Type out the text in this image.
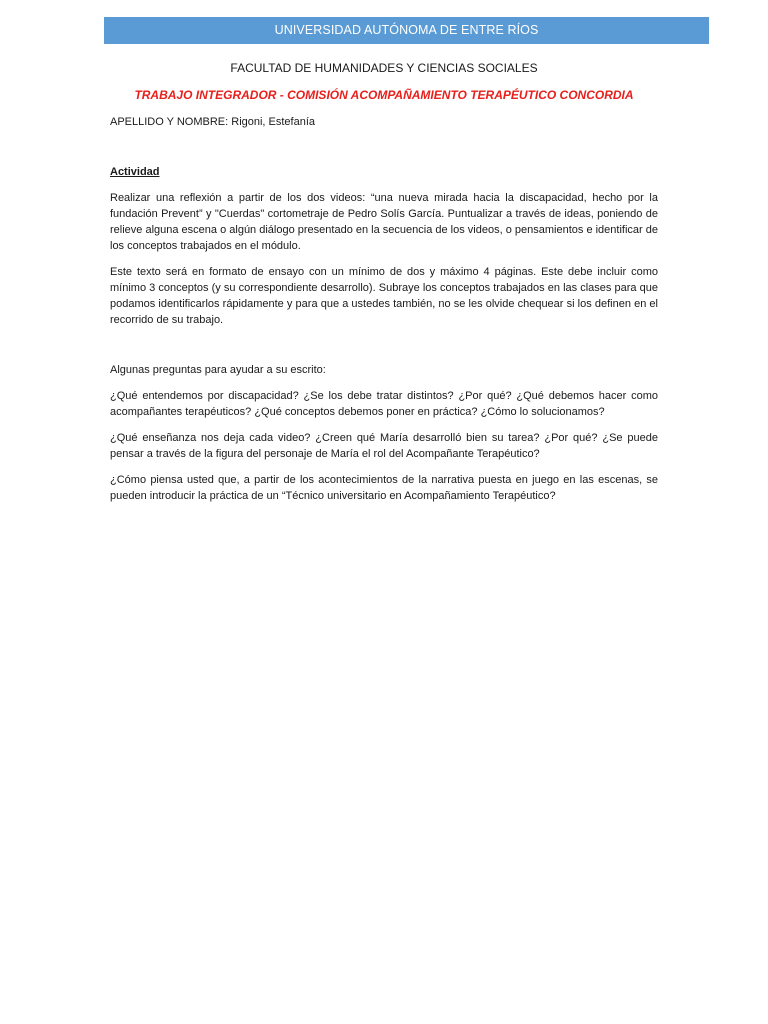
UNIVERSIDAD AUTÓNOMA DE ENTRE RÍOS
FACULTAD DE HUMANIDADES Y CIENCIAS SOCIALES
TRABAJO INTEGRADOR - COMISIÓN ACOMPAÑAMIENTO TERAPÉUTICO CONCORDIA

APELLIDO Y NOMBRE: Rigoni, Estefanía

Actividad

Realizar una reflexión a partir de los dos videos: “una nueva mirada hacia la discapacidad, hecho por la fundación Prevent” y "Cuerdas" cortometraje de Pedro Solís García. Puntualizar a través de ideas, poniendo de relieve alguna escena o algún diálogo presentado en la secuencia de los videos, o pensamientos e identificar de los conceptos trabajados en el módulo.

Este texto será en formato de ensayo con un mínimo de dos y máximo 4 páginas. Este debe incluir como mínimo 3 conceptos (y su correspondiente desarrollo). Subraye los conceptos trabajados en las clases para que podamos identificarlos rápidamente y para que a ustedes también, no se les olvide chequear si los definen en el recorrido de su trabajo.

Algunas preguntas para ayudar a su escrito:

¿Qué entendemos por discapacidad? ¿Se los debe tratar distintos? ¿Por qué? ¿Qué debemos hacer como acompañantes terapéuticos? ¿Qué conceptos debemos poner en práctica? ¿Cómo lo solucionamos?

¿Qué enseñanza nos deja cada video? ¿Creen qué María desarrolló bien su tarea? ¿Por qué? ¿Se puede pensar a través de la figura del personaje de María el rol del Acompañante Terapéutico?

¿Cómo piensa usted que, a partir de los acontecimientos de la narrativa puesta en juego en las escenas, se pueden introducir la práctica de un “Técnico universitario en Acompañamiento Terapéutico?
